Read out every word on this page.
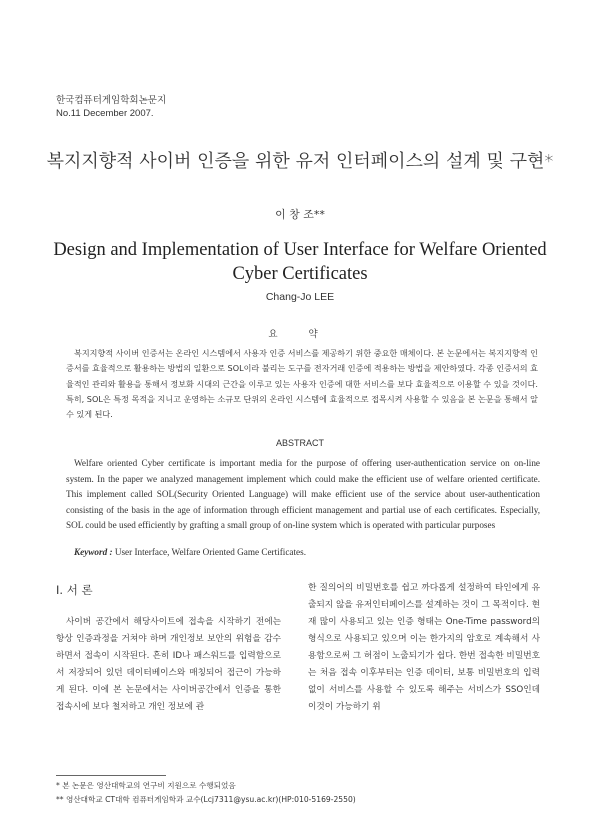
한국컴퓨터게임학회논문지
No.11 December 2007.
복지지향적 사이버 인증을 위한 유저 인터페이스의 설계 및 구현*
이 창 조**
Design and Implementation of User Interface for Welfare Oriented Cyber Certificates
Chang-Jo LEE
요 약
복지지향적 사이버 인증서는 온라인 시스템에서 사용자 인증 서비스를 제공하기 위한 중요한 매체이다. 본 논문에서는 복지지향적 인증서를 효율적으로 활용하는 방법의 일환으로 SOL이라 불리는 도구를 전자거래 인증에 적용하는 방법을 제안하였다. 각종 인증서의 효율적인 관리와 활용을 통해서 정보화 시대의 근간을 이루고 있는 사용자 인증에 대한 서비스를 보다 효율적으로 이용할 수 있을 것이다. 특히, SOL은 특정 목적을 지니고 운영하는 소규모 단위의 온라인 시스템에 효율적으로 접목시켜 사용할 수 있음을 본 논문을 통해서 알 수 있게 된다.
ABSTRACT
Welfare oriented Cyber certificate is important media for the purpose of offering user-authentication service on on-line system. In the paper we analyzed management implement which could make the efficient use of welfare oriented certificate. This implement called SOL(Security Oriented Language) will make efficient use of the service about user-authentication consisting of the basis in the age of information through efficient management and partial use of each certificates. Especially, SOL could be used efficiently by grafting a small group of on-line system which is operated with particular purposes
Keyword : User Interface, Welfare Oriented Game Certificates.
Ⅰ. 서 론
사이버 공간에서 해당사이트에 접속을 시작하기 전에는 항상 인증과정을 거쳐야 하며 개인정보 보안의 위험을 감수하면서 접속이 시작된다. 흔히 ID나 패스워드를 입력함으로서 저장되어 있던 데이터베이스와 매칭되어 접근이 가능하게 된다. 이에 본 논문에서는 사이버공간에서 인증을 통한 접속시에 보다 철저하고 개인 정보에 관
한 질의어의 비밀번호를 쉽고 까다롭게 설정하여 타인에게 유출되지 않을 유저인터페이스를 설계하는 것이 그 목적이다. 현재 많이 사용되고 있는 인증 형태는 One-Time password의 형식으로 사용되고 있으며 이는 한가지의 암호로 계속해서 사용함으로써 그 허점이 노출되기가 쉽다. 한번 접속한 비밀번호는 처음 접속 이후부터는 인증 데이터, 보통 비밀번호의 입력 없이 서비스를 사용할 수 있도록 해주는 서비스가 SSO인데 이것이 가능하기 위
* 본 논문은 영산대학교의 연구비 지원으로 수행되었음
** 영산대학교 CT대학 컴퓨터게임학과 교수(Lcj7311@ysu.ac.kr)(HP:010-5169-2550)
